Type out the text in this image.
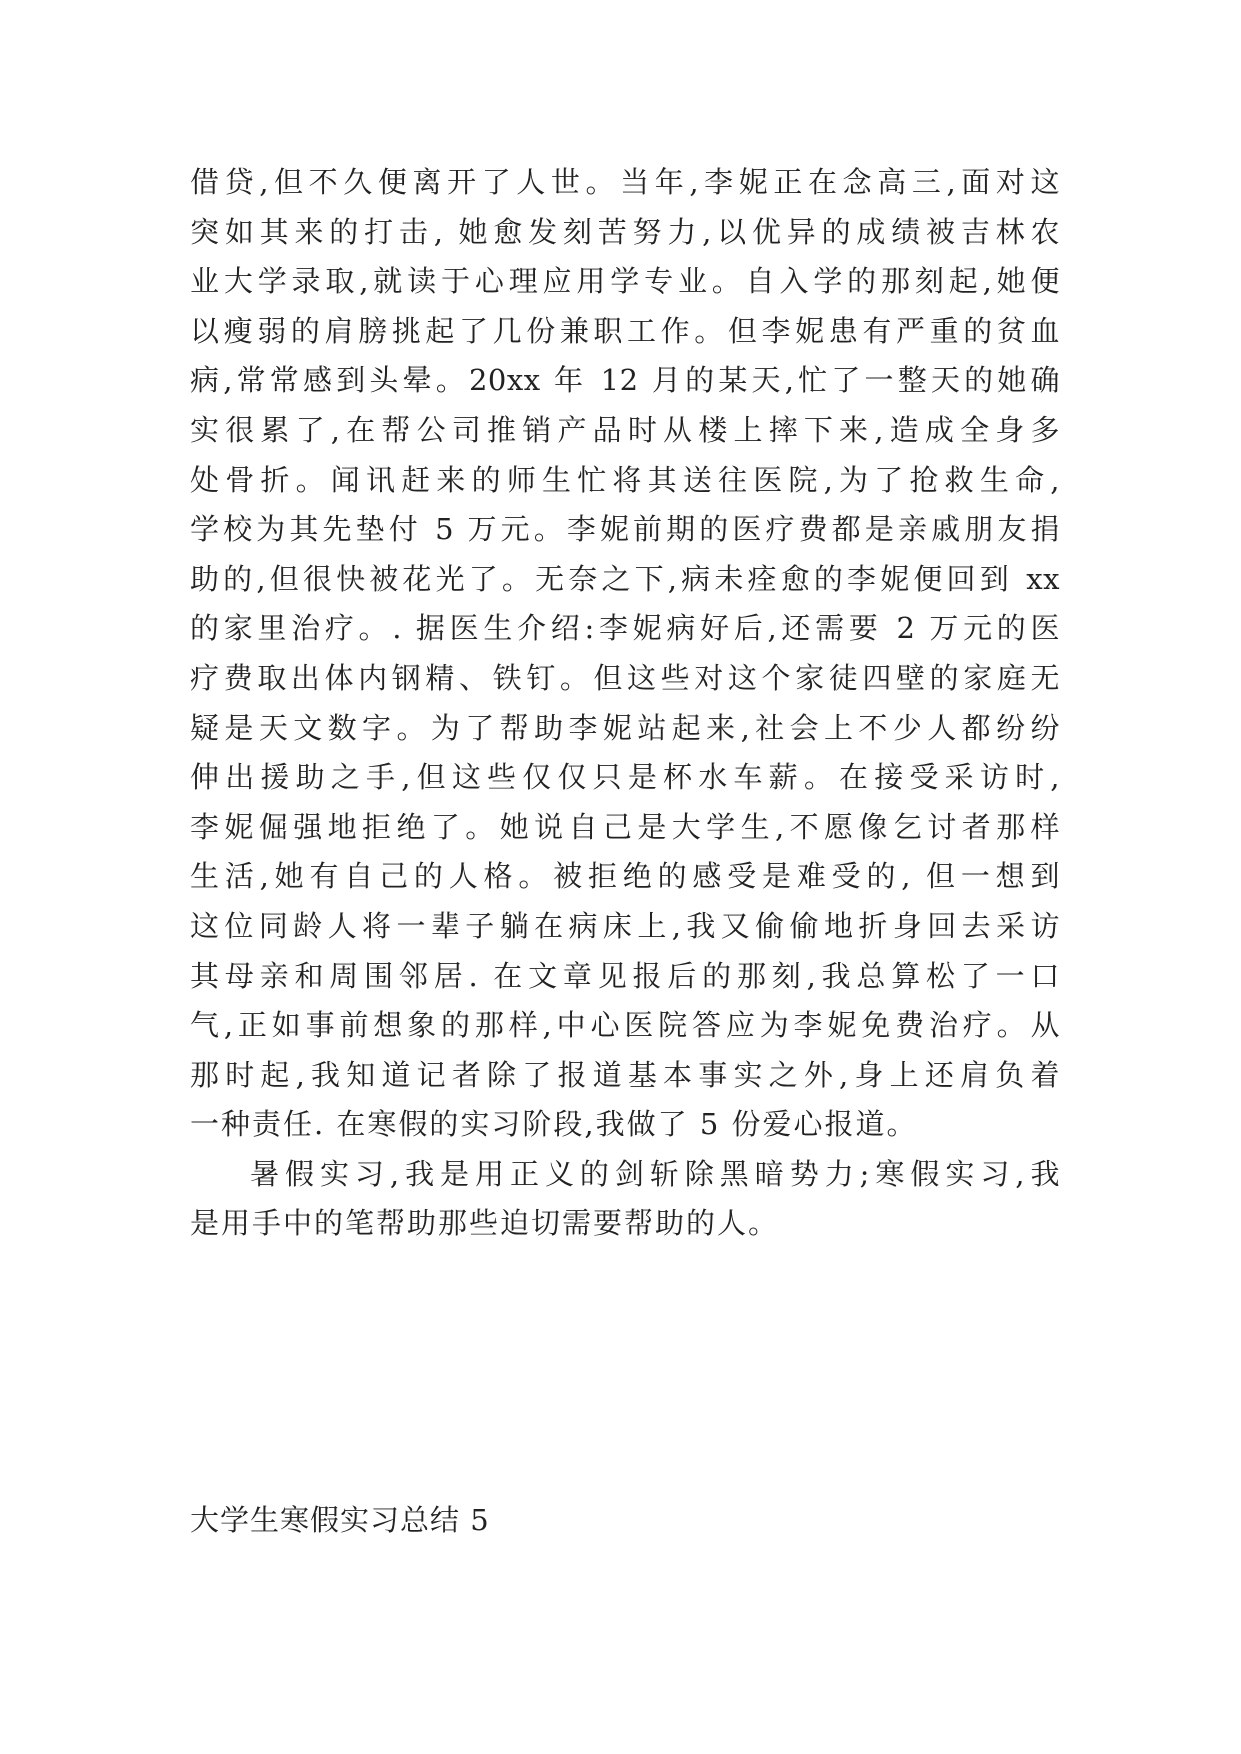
借贷,但不久便离开了人世。当年,李妮正在念高三,面对这
突如其来的打击, 她愈发刻苦努力,以优异的成绩被吉林农
业大学录取,就读于心理应用学专业。自入学的那刻起,她便
以瘦弱的肩膀挑起了几份兼职工作。但李妮患有严重的贫血
病,常常感到头晕。20xx 年 12 月的某天,忙了一整天的她确
实很累了,在帮公司推销产品时从楼上摔下来,造成全身多
处骨折。闻讯赶来的师生忙将其送往医院,为了抢救生命,
学校为其先垫付 5 万元。李妮前期的医疗费都是亲戚朋友捐
助的,但很快被花光了。无奈之下,病未痊愈的李妮便回到 xx
的家里治疗。. 据医生介绍:李妮病好后,还需要 2 万元的医
疗费取出体内钢精、铁钉。但这些对这个家徒四壁的家庭无
疑是天文数字。为了帮助李妮站起来,社会上不少人都纷纷
伸出援助之手,但这些仅仅只是杯水车薪。在接受采访时,
李妮倔强地拒绝了。她说自己是大学生,不愿像乞讨者那样
生活,她有自己的人格。被拒绝的感受是难受的, 但一想到
这位同龄人将一辈子躺在病床上,我又偷偷地折身回去采访
其母亲和周围邻居. 在文章见报后的那刻,我总算松了一口
气,正如事前想象的那样,中心医院答应为李妮免费治疗。从
那时起,我知道记者除了报道基本事实之外,身上还肩负着
一种责任. 在寒假的实习阶段,我做了 5 份爱心报道。
暑假实习,我是用正义的剑斩除黑暗势力;寒假实习,我
是用手中的笔帮助那些迫切需要帮助的人。
大学生寒假实习总结 5
